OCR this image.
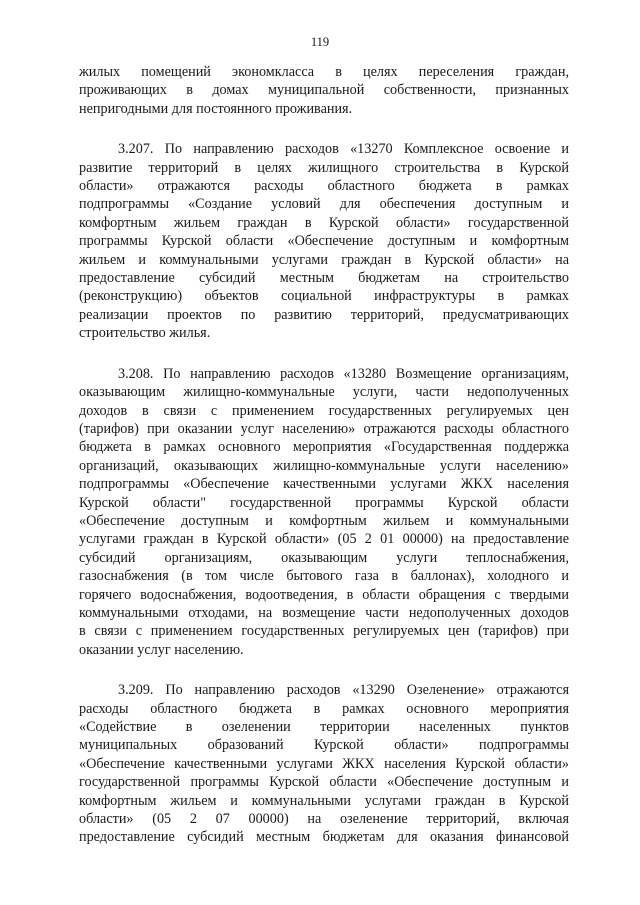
119
жилых помещений экономкласса в целях переселения граждан,
проживающих в домах муниципальной собственности, признанных
непригодными для постоянного проживания.
3.207. По направлению расходов «13270 Комплексное освоение и
развитие территорий в целях жилищного строительства в Курской
области» отражаются расходы областного бюджета в рамках
подпрограммы «Создание условий для обеспечения доступным и
комфортным жильем граждан в Курской области» государственной
программы Курской области «Обеспечение доступным и комфортным
жильем и коммунальными услугами граждан в Курской области» на
предоставление субсидий местным бюджетам на строительство
(реконструкцию) объектов социальной инфраструктуры в рамках
реализации проектов по развитию территорий, предусматривающих
строительство жилья.
3.208. По направлению расходов «13280 Возмещение организациям,
оказывающим жилищно-коммунальные услуги, части недополученных
доходов в связи с применением государственных регулируемых цен
(тарифов) при оказании услуг населению» отражаются расходы областного
бюджета в рамках основного мероприятия «Государственная поддержка
организаций, оказывающих жилищно-коммунальные услуги населению»
подпрограммы «Обеспечение качественными услугами ЖКХ населения
Курской области" государственной программы Курской области
«Обеспечение доступным и комфортным жильем и коммунальными
услугами граждан в Курской области» (05 2 01 00000) на предоставление
субсидий организациям, оказывающим услуги теплоснабжения,
газоснабжения (в том числе бытового газа в баллонах), холодного и
горячего водоснабжения, водоотведения, в области обращения с твердыми
коммунальными отходами, на возмещение части недополученных доходов
в связи с применением государственных регулируемых цен (тарифов) при
оказании услуг населению.
3.209. По направлению расходов «13290 Озеленение» отражаются
расходы областного бюджета в рамках основного мероприятия
«Содействие в озеленении территории населенных пунктов
муниципальных образований Курской области» подпрограммы
«Обеспечение качественными услугами ЖКХ населения Курской области»
государственной программы Курской области «Обеспечение доступным и
комфортным жильем и коммунальными услугами граждан в Курской
области» (05 2 07 00000) на озеленение территорий, включая
предоставление субсидий местным бюджетам для оказания финансовой
